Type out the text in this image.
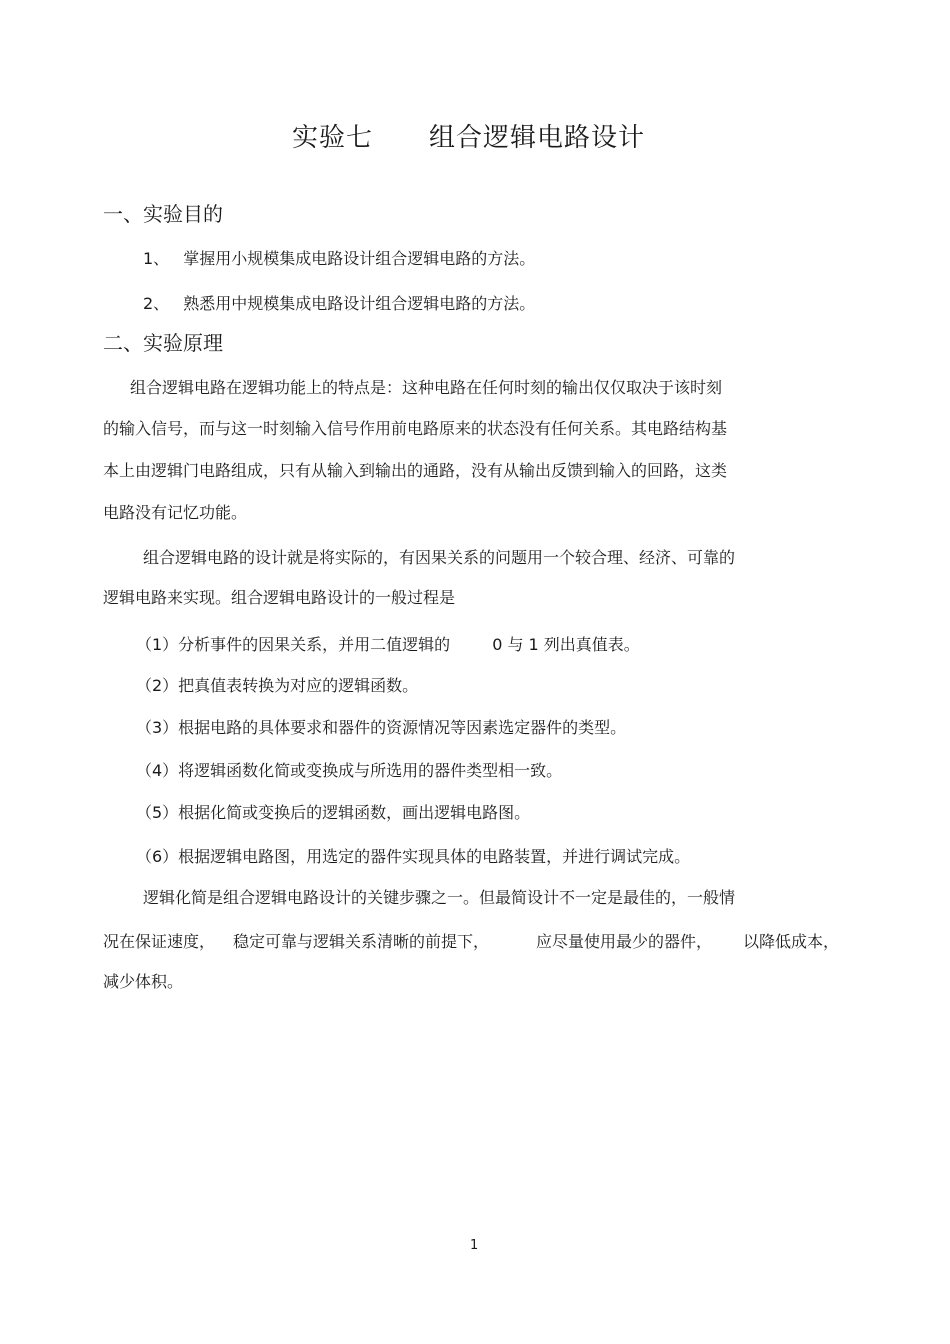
实验七 组合逻辑电路设计
一、实验目的
1、 掌握用小规模集成电路设计组合逻辑电路的方法。
2、 熟悉用中规模集成电路设计组合逻辑电路的方法。
二、实验原理
组合逻辑电路在逻辑功能上的特点是：这种电路在任何时刻的输出仅仅取决于该时刻
的输入信号，而与这一时刻输入信号作用前电路原来的状态没有任何关系。其电路结构基
本上由逻辑门电路组成，只有从输入到输出的通路，没有从输出反馈到输入的回路，这类
电路没有记忆功能。
组合逻辑电路的设计就是将实际的，有因果关系的问题用一个较合理、经济、可靠的
逻辑电路来实现。组合逻辑电路设计的一般过程是
（1）分析事件的因果关系，并用二值逻辑的	0 与 1 列出真值表。
（2）把真值表转换为对应的逻辑函数。
（3）根据电路的具体要求和器件的资源情况等因素选定器件的类型。
（4）将逻辑函数化简或变换成与所选用的器件类型相一致。
（5）根据化简或变换后的逻辑函数，画出逻辑电路图。
（6）根据逻辑电路图，用选定的器件实现具体的电路装置，并进行调试完成。
逻辑化简是组合逻辑电路设计的关键步骤之一。但最简设计不一定是最佳的，一般情
况在保证速度， 稳定可靠与逻辑关系清晰的前提下，	应尽量使用最少的器件， 以降低成本，
减少体积。
1
